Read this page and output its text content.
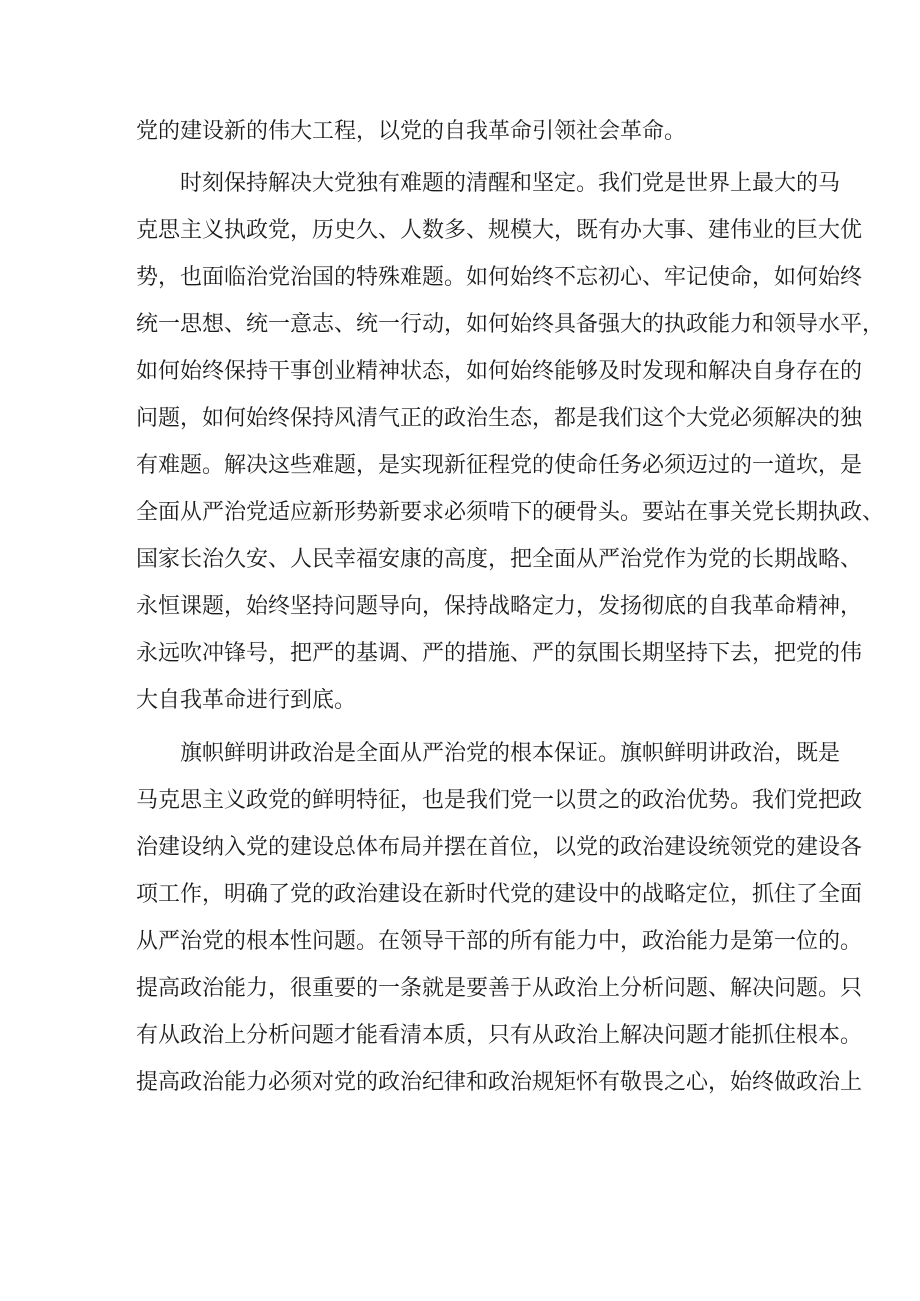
党的建设新的伟大工程，以党的自我革命引领社会革命。
时刻保持解决大党独有难题的清醒和坚定。我们党是世界上最大的马
克思主义执政党，历史久、人数多、规模大，既有办大事、建伟业的巨大优
势，也面临治党治国的特殊难题。如何始终不忘初心、牢记使命，如何始终
统一思想、统一意志、统一行动，如何始终具备强大的执政能力和领导水平，
如何始终保持干事创业精神状态，如何始终能够及时发现和解决自身存在的
问题，如何始终保持风清气正的政治生态，都是我们这个大党必须解决的独
有难题。解决这些难题，是实现新征程党的使命任务必须迈过的一道坎，是
全面从严治党适应新形势新要求必须啃下的硬骨头。要站在事关党长期执政、
国家长治久安、人民幸福安康的高度，把全面从严治党作为党的长期战略、
永恒课题，始终坚持问题导向，保持战略定力，发扬彻底的自我革命精神，
永远吹冲锋号，把严的基调、严的措施、严的氛围长期坚持下去，把党的伟
大自我革命进行到底。
旗帜鲜明讲政治是全面从严治党的根本保证。旗帜鲜明讲政治，既是
马克思主义政党的鲜明特征，也是我们党一以贯之的政治优势。我们党把政
治建设纳入党的建设总体布局并摆在首位，以党的政治建设统领党的建设各
项工作，明确了党的政治建设在新时代党的建设中的战略定位，抓住了全面
从严治党的根本性问题。在领导干部的所有能力中，政治能力是第一位的。
提高政治能力，很重要的一条就是要善于从政治上分析问题、解决问题。只
有从政治上分析问题才能看清本质，只有从政治上解决问题才能抓住根本。
提高政治能力必须对党的政治纪律和政治规矩怀有敬畏之心，始终做政治上
